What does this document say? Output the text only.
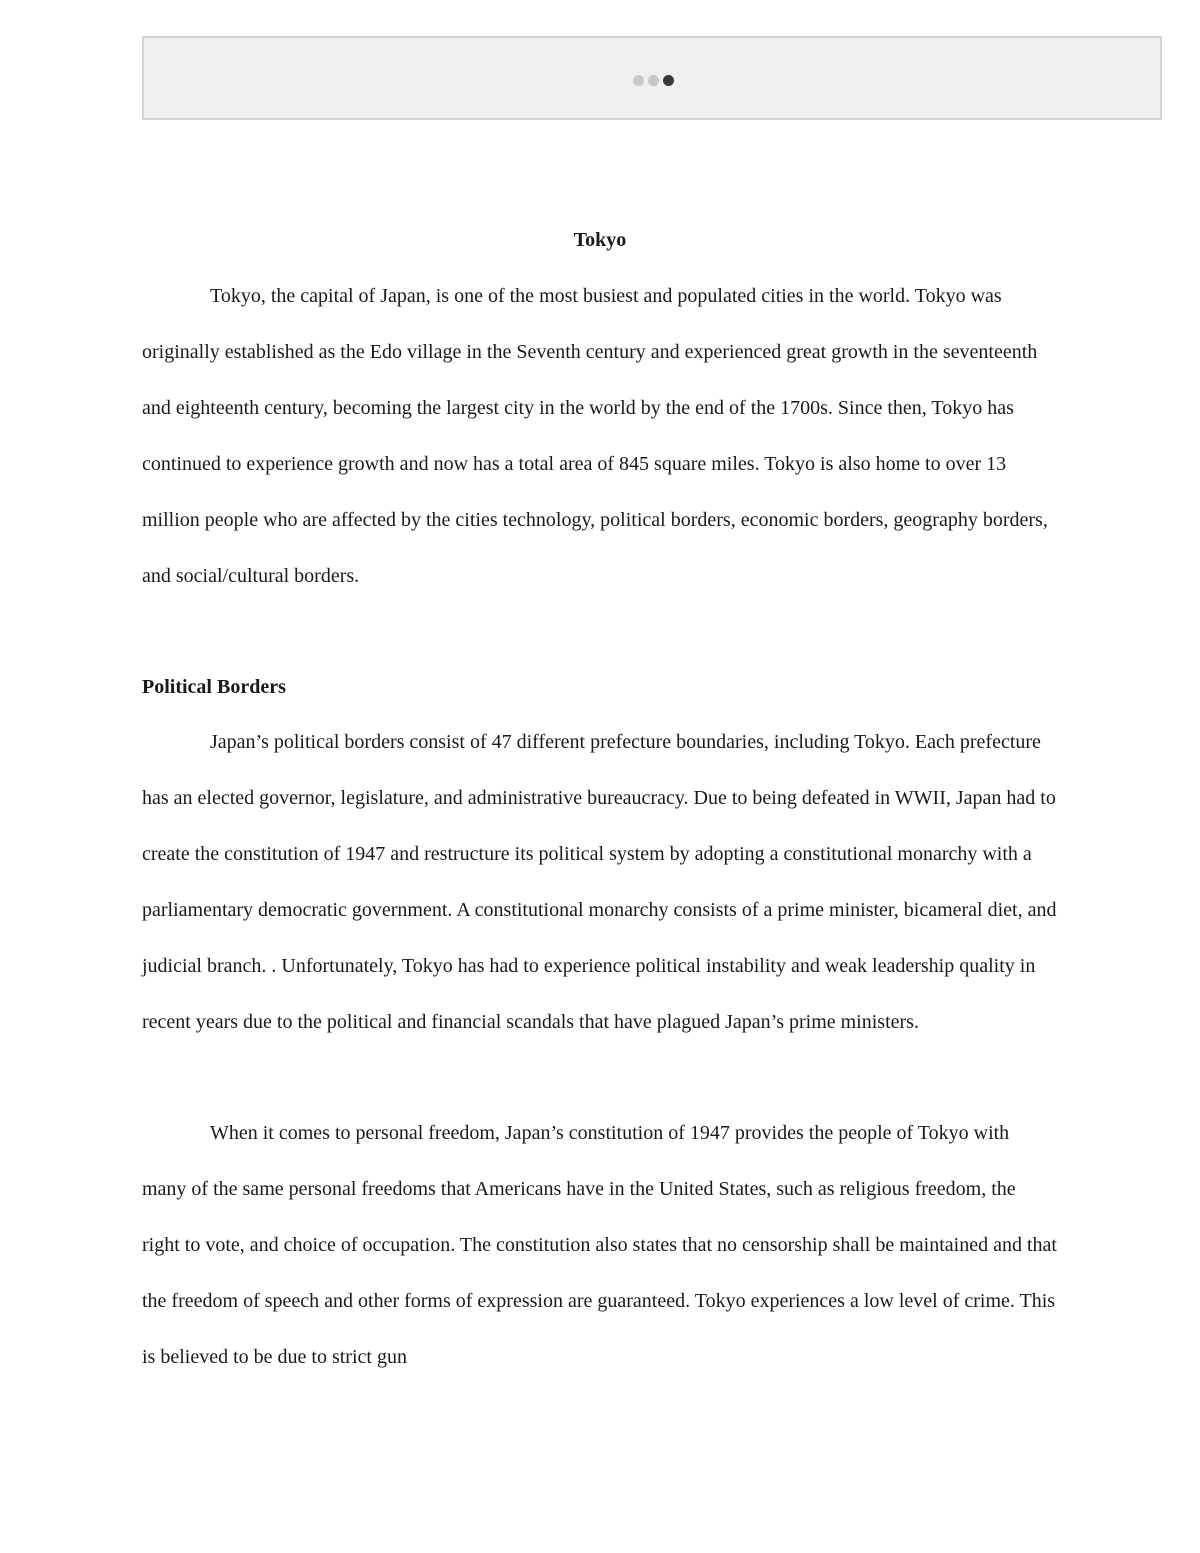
Tokyo

Tokyo, the capital of Japan, is one of the most busiest and populated cities in the world. Tokyo was originally established as the Edo village in the Seventh century and experienced great growth in the seventeenth and eighteenth century, becoming the largest city in the world by the end of the 1700s. Since then, Tokyo has continued to experience growth and now has a total area of 845 square miles. Tokyo is also home to over 13 million people who are affected by the cities technology, political borders, economic borders, geography borders, and social/cultural borders.

Political Borders

Japan’s political borders consist of 47 different prefecture boundaries, including Tokyo. Each prefecture has an elected governor, legislature, and administrative bureaucracy. Due to being defeated in WWII, Japan had to create the constitution of 1947 and restructure its political system by adopting a constitutional monarchy with a parliamentary democratic government. A constitutional monarchy consists of a prime minister, bicameral diet, and judicial branch. . Unfortunately, Tokyo has had to experience political instability and weak leadership quality in recent years due to the political and financial scandals that have plagued Japan’s prime ministers.

When it comes to personal freedom, Japan’s constitution of 1947 provides the people of Tokyo with many of the same personal freedoms that Americans have in the United States, such as religious freedom, the right to vote, and choice of occupation. The constitution also states that no censorship shall be maintained and that the freedom of speech and other forms of expression are guaranteed. Tokyo experiences a low level of crime. This is believed to be due to strict gun
